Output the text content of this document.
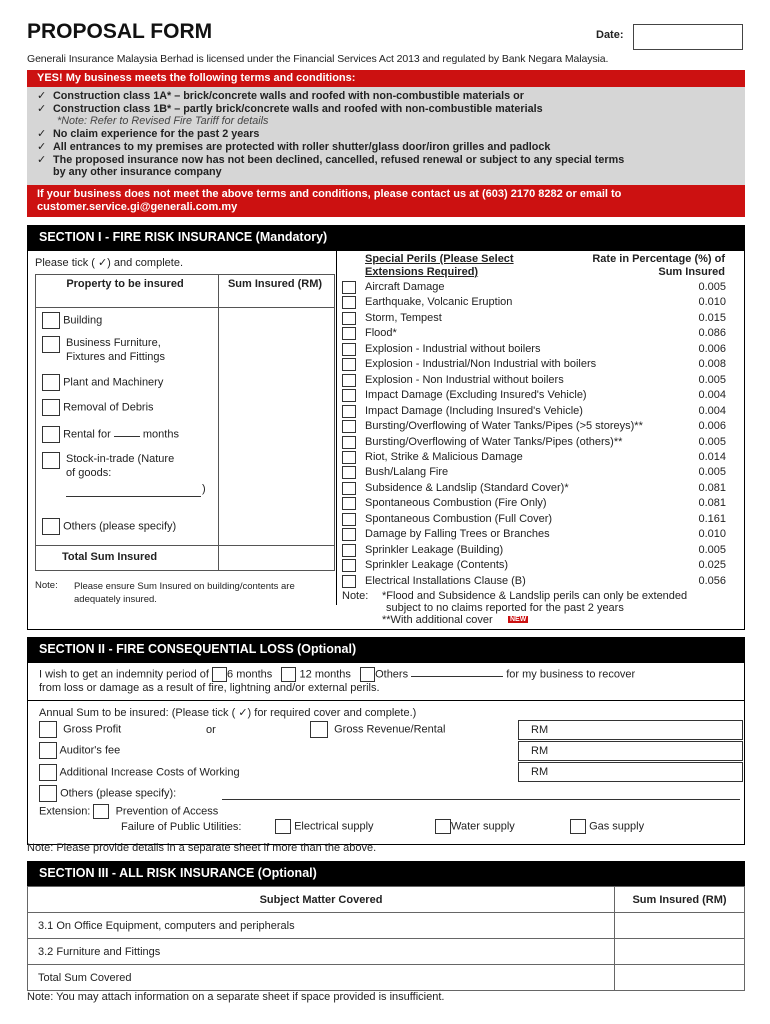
PROPOSAL FORM	Date:
Generali Insurance Malaysia Berhad is licensed under the Financial Services Act 2013 and regulated by Bank Negara Malaysia.
YES! My business meets the following terms and conditions:
✓ Construction class 1A* – brick/concrete walls and roofed with non-combustible materials or
✓ Construction class 1B* – partly brick/concrete walls and roofed with non-combustible materials
*Note: Refer to Revised Fire Tariff for details
✓ No claim experience for the past 2 years
✓ All entrances to my premises are protected with roller shutter/glass door/iron grilles and padlock
✓ The proposed insurance now has not been declined, cancelled, refused renewal or subject to any special terms
by any other insurance company
If your business does not meet the above terms and conditions, please contact us at (603) 2170 8282 or email to
customer.service.gi@generali.com.my
SECTION I - FIRE RISK INSURANCE (Mandatory)
Please tick ( ✓) and complete.
Property to be insured	Sum Insured (RM)
Building
Business Furniture, Fixtures and Fittings
Plant and Machinery
Removal of Debris
Rental for	months
Stock-in-trade (Nature of goods:
)
Others (please specify)
Total Sum Insured
Note: Please ensure Sum Insured on building/contents are adequately insured.
Special Perils (Please Select Extensions Required)
Rate in Percentage (%) of Sum Insured
Aircraft Damage	0.005
Earthquake, Volcanic Eruption	0.010
Storm, Tempest	0.015
Flood*	0.086
Explosion - Industrial without boilers	0.006
Explosion - Industrial/Non Industrial with boilers	0.008
Explosion - Non Industrial without boilers	0.005
Impact Damage (Excluding Insured's Vehicle)	0.004
Impact Damage (Including Insured's Vehicle)	0.004
Bursting/Overflowing of Water Tanks/Pipes (>5 storeys)**	0.006
Bursting/Overflowing of Water Tanks/Pipes (others)**	0.005
Riot, Strike & Malicious Damage	0.014
Bush/Lalang Fire	0.005
Subsidence & Landslip (Standard Cover)*	0.081
Spontaneous Combustion (Fire Only)	0.081
Spontaneous Combustion (Full Cover)	0.161
Damage by Falling Trees or Branches	0.010
Sprinkler Leakage (Building)	0.005
Sprinkler Leakage (Contents)	0.025
Electrical Installations Clause (B)	0.056
Note: *Flood and Subsidence & Landslip perils can only be extended
subject to no claims reported for the past 2 years
**With additional cover NEW
SECTION II - FIRE CONSEQUENTIAL LOSS (Optional)
I wish to get an indemnity period of 6 months 12 months Others	for my business to recover
from loss or damage as a result of fire, lightning and/or external perils.
Annual Sum to be insured: (Please tick ( ✓) for required cover and complete.)
Gross Profit	or	Gross Revenue/Rental	RM
Auditor's fee	RM
Additional Increase Costs of Working	RM
Others (please specify):
Extension: Prevention of Access
Failure of Public Utilities:	Electrical supply	Water supply	Gas supply
Note: Please provide details in a separate sheet if more than the above.
SECTION III - ALL RISK INSURANCE (Optional)
Subject Matter Covered	Sum Insured (RM)
3.1 On Office Equipment, computers and peripherals	
3.2 Furniture and Fittings	
Total Sum Covered	
Note: You may attach information on a separate sheet if space provided is insufficient.
